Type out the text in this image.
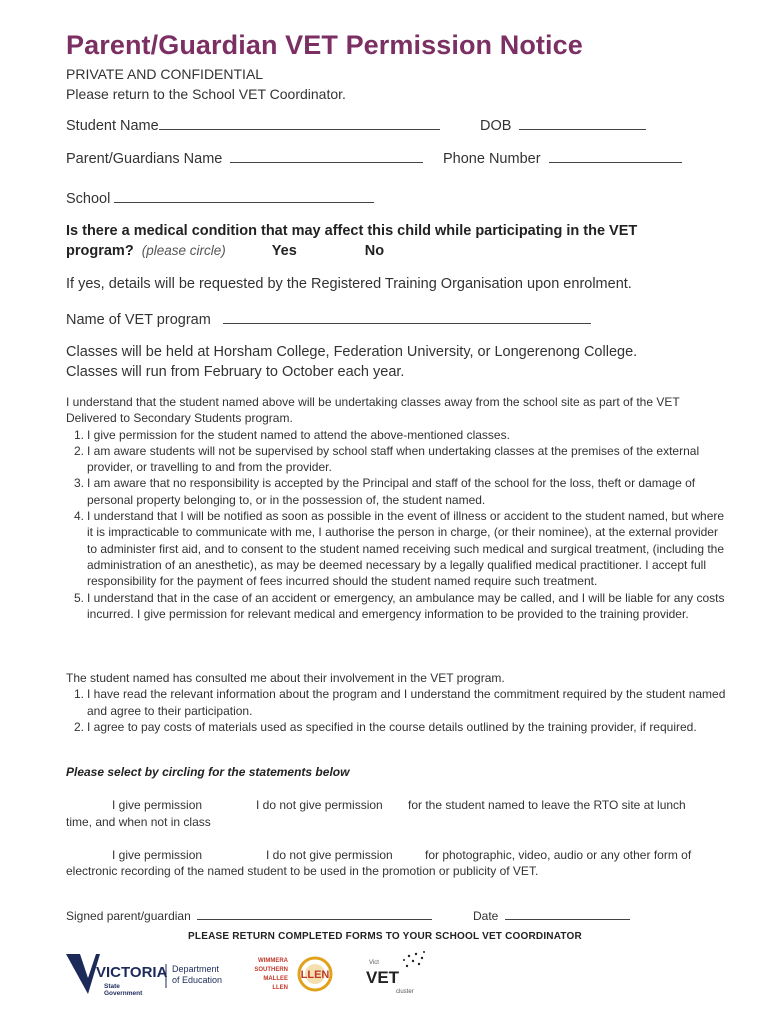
Parent/Guardian VET Permission Notice
PRIVATE AND CONFIDENTIAL
Please return to the School VET Coordinator.
Student Name	DOB
Parent/Guardians Name	Phone Number
School
Is there a medical condition that may affect this child while participating in the VET program? (please circle)	Yes	No
If yes, details will be requested by the Registered Training Organisation upon enrolment.
Name of VET program
Classes will be held at Horsham College, Federation University, or Longerenong College.
Classes will run from February to October each year.
I understand that the student named above will be undertaking classes away from the school site as part of the VET Delivered to Secondary Students program.
1. I give permission for the student named to attend the above-mentioned classes.
2. I am aware students will not be supervised by school staff when undertaking classes at the premises of the external provider, or travelling to and from the provider.
3. I am aware that no responsibility is accepted by the Principal and staff of the school for the loss, theft or damage of personal property belonging to, or in the possession of, the student named.
4. I understand that I will be notified as soon as possible in the event of illness or accident to the student named, but where it is impracticable to communicate with me, I authorise the person in charge, (or their nominee), at the external provider to administer first aid, and to consent to the student named receiving such medical and surgical treatment, (including the administration of an anesthetic), as may be deemed necessary by a legally qualified medical practitioner. I accept full responsibility for the payment of fees incurred should the student named require such treatment.
5. I understand that in the case of an accident or emergency, an ambulance may be called, and I will be liable for any costs incurred. I give permission for relevant medical and emergency information to be provided to the training provider.
The student named has consulted me about their involvement in the VET program.
1. I have read the relevant information about the program and I understand the commitment required by the student named and agree to their participation.
2. I agree to pay costs of materials used as specified in the course details outlined by the training provider, if required.
Please select by circling for the statements below
I give permission	I do not give permission for the student named to leave the RTO site at lunch
time, and when not in class
I give permission	I do not give permission	for photographic, video, audio or any other form of
electronic recording of the named student to be used in the promotion or publicity of VET.
Signed parent/guardian	Date
PLEASE RETURN COMPLETED FORMS TO YOUR SCHOOL VET COORDINATOR
VICTORIA
State
Government
Department
of Education
WIMMERA
SOUTHERN
MALLEE
LLEN
LLEN
Vict
VET
cluster
